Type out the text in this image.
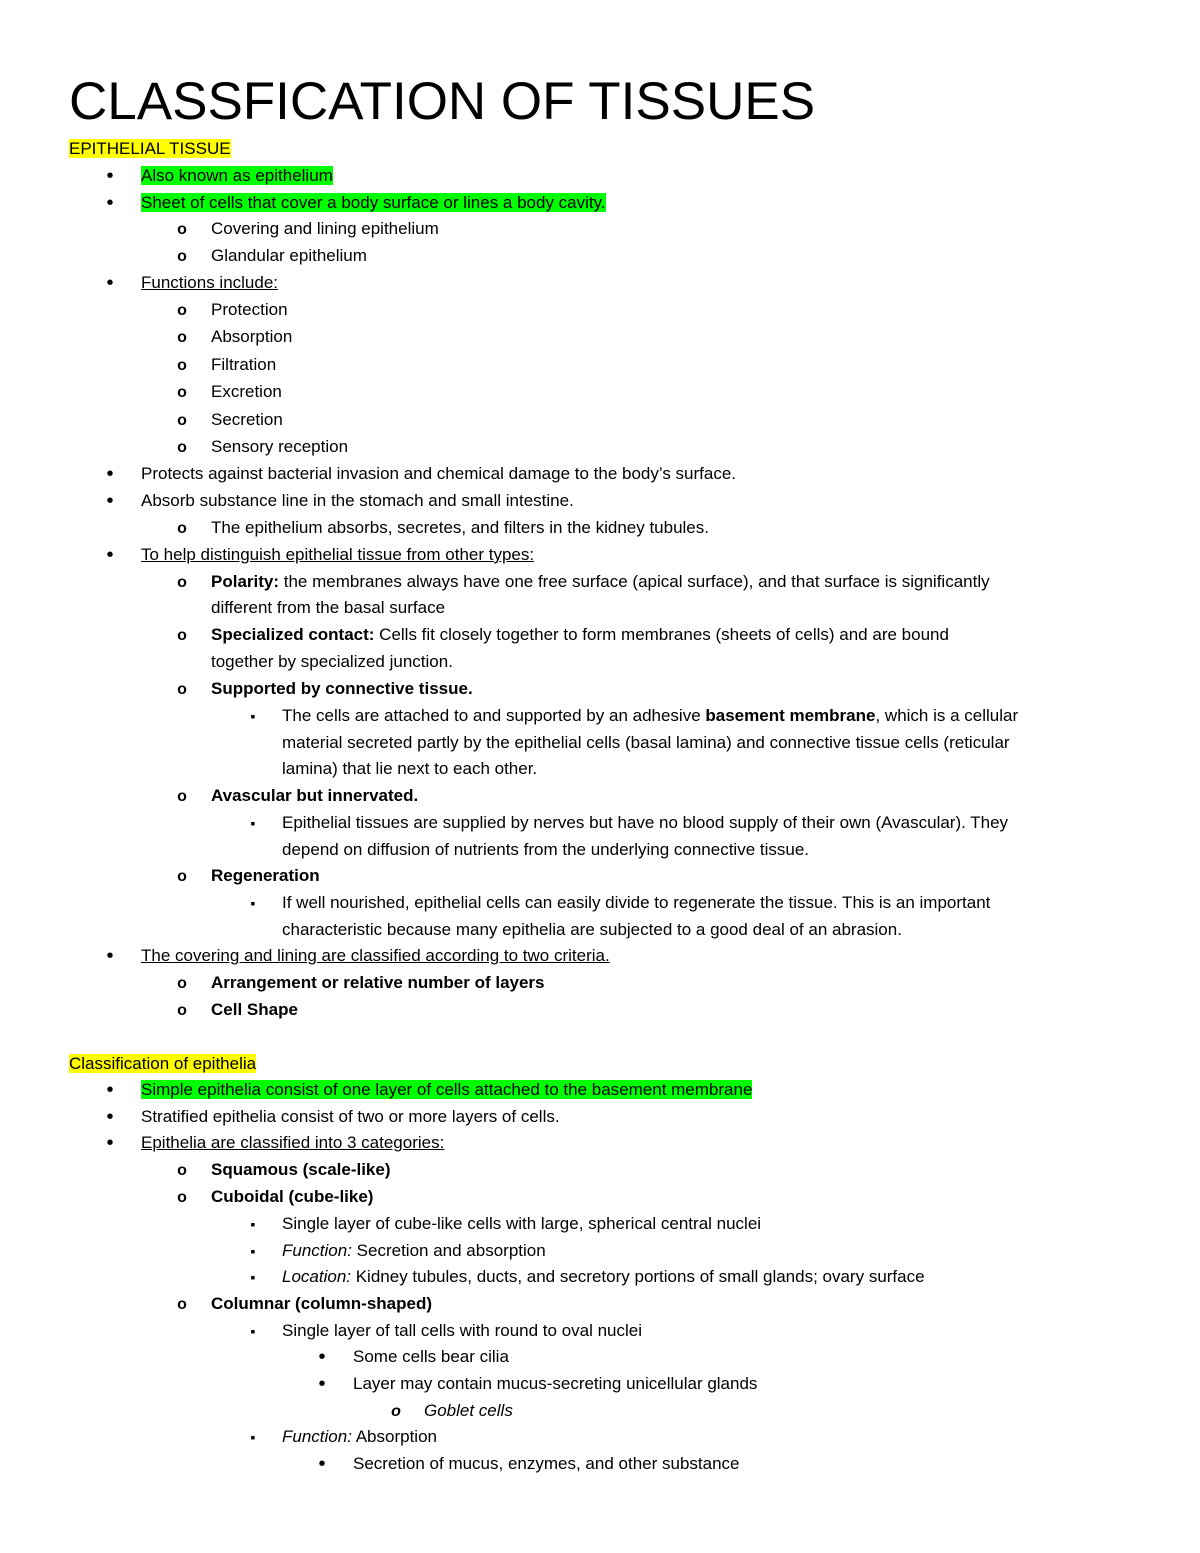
CLASSFICATION OF TISSUES
EPITHELIAL TISSUE
•
Also known as epithelium
•
Sheet of cells that cover a body surface or lines a body cavity.
o
Covering and lining epithelium
o
Glandular epithelium
•
Functions include:
o
Protection
o
Absorption
o
Filtration
o
Excretion
o
Secretion
o
Sensory reception
•
Protects against bacterial invasion and chemical damage to the body’s surface.
•
Absorb substance line in the stomach and small intestine.
o
The epithelium absorbs, secretes, and filters in the kidney tubules.
•
To help distinguish epithelial tissue from other types:
o
Polarity: the membranes always have one free surface (apical surface), and that surface is significantly
different from the basal surface
o
Specialized contact: Cells fit closely together to form membranes (sheets of cells) and are bound
together by specialized junction.
o
Supported by connective tissue.
▪
The cells are attached to and supported by an adhesive basement membrane, which is a cellular
material secreted partly by the epithelial cells (basal lamina) and connective tissue cells (reticular
lamina) that lie next to each other.
o
Avascular but innervated.
▪
Epithelial tissues are supplied by nerves but have no blood supply of their own (Avascular). They
depend on diffusion of nutrients from the underlying connective tissue.
o
Regeneration
▪
If well nourished, epithelial cells can easily divide to regenerate the tissue. This is an important
characteristic because many epithelia are subjected to a good deal of an abrasion.
•
The covering and lining are classified according to two criteria.
o
Arrangement or relative number of layers
o
Cell Shape
Classification of epithelia
•
Simple epithelia consist of one layer of cells attached to the basement membrane
•
Stratified epithelia consist of two or more layers of cells.
•
Epithelia are classified into 3 categories:
o
Squamous (scale-like)
o
Cuboidal (cube-like)
▪
Single layer of cube-like cells with large, spherical central nuclei
▪
Function: Secretion and absorption
▪
Location: Kidney tubules, ducts, and secretory portions of small glands; ovary surface
o
Columnar (column-shaped)
▪
Single layer of tall cells with round to oval nuclei
•
Some cells bear cilia
•
Layer may contain mucus-secreting unicellular glands
o
Goblet cells
▪
Function: Absorption
•
Secretion of mucus, enzymes, and other substance
